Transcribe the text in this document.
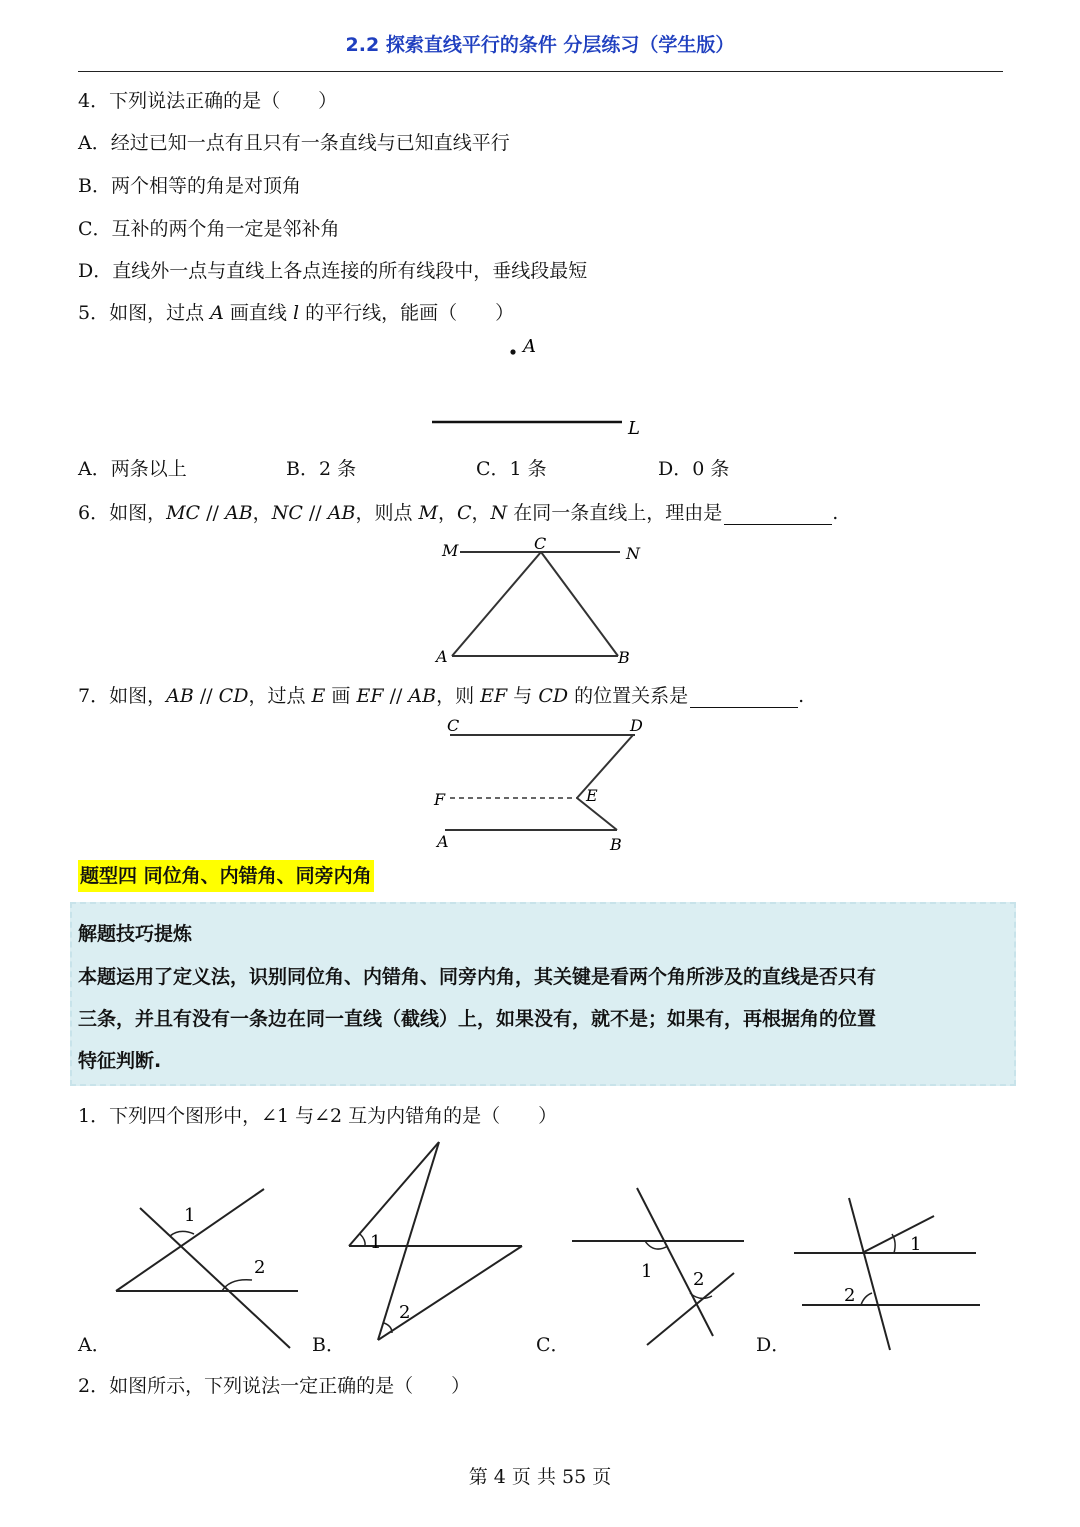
2.2 探索直线平行的条件 分层练习（学生版）
4．下列说法正确的是（　　）
A．经过已知一点有且只有一条直线与已知直线平行
B．两个相等的角是对顶角
C．互补的两个角一定是邻补角
D．直线外一点与直线上各点连接的所有线段中，垂线段最短
5．如图，过点 A 画直线 l 的平行线，能画（　　）
A
L
A．两条以上	B．2 条	C．1 条	D．0 条
6．如图，MC // AB，NC // AB，则点 M，C，N 在同一条直线上，理由是	.
M	C
N
A	B
7．如图，AB // CD，过点 E 画 EF // AB，则 EF 与 CD 的位置关系是	.
C	D
F	E
A	B
题型四 同位角、内错角、同旁内角
解题技巧提炼
本题运用了定义法，识别同位角、内错角、同旁内角，其关键是看两个角所涉及的直线是否只有
三条，并且有没有一条边在同一直线（截线）上，如果没有，就不是；如果有，再根据角的位置
特征判断.
1．下列四个图形中，∠1 与∠2 互为内错角的是（　　）
1
2
1
2
1 2
1
2
A．	B．	C．	D．
2．如图所示，下列说法一定正确的是（　　）
第 4 页 共 55 页
